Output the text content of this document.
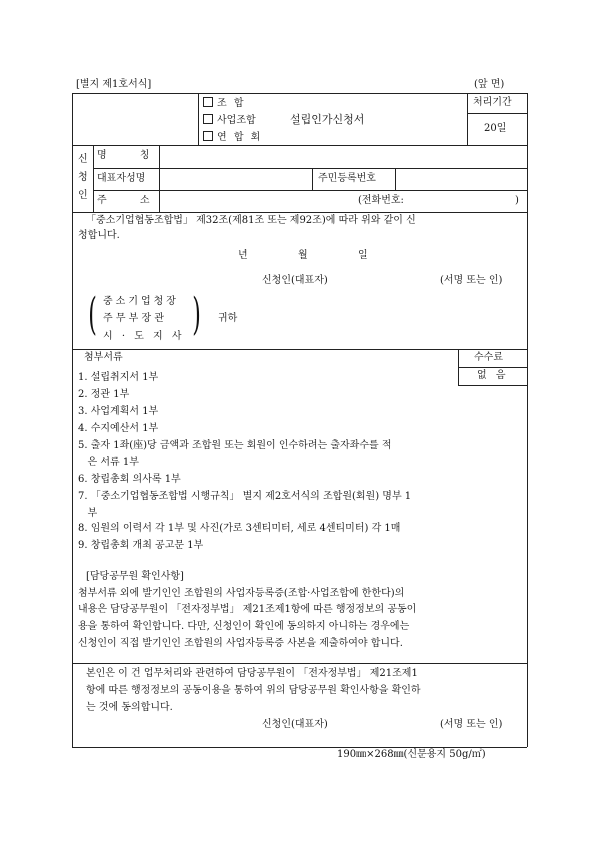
[별지 제1호서식]	(앞 면)
조 합
사업조합
연 합 회
설립인가신청서
처리기간
20일
신
청
인
명 칭
대표자성명	주민등록번호
주 소	(전화번호:	)
「중소기업협동조합법」 제32조(제81조 또는 제92조)에 따라 위와 같이 신
청합니다.
년	월	일
신청인(대표자)	(서명 또는 인)
( 중소기업청장
주 무 부 장 관
시 · 도 지 사 ) 귀하
첨부서류	수수료
없 음
1. 설립취지서 1부
2. 정관 1부
3. 사업계획서 1부
4. 수지예산서 1부
5. 출자 1좌(座)당 금액과 조합원 또는 회원이 인수하려는 출자좌수를 적
은 서류 1부
6. 창립총회 의사록 1부
7. 「중소기업협동조합법 시행규칙」 별지 제2호서식의 조합원(회원) 명부 1
부
8. 임원의 이력서 각 1부 및 사진(가로 3센티미터, 세로 4센티미터) 각 1매
9. 창립총회 개최 공고문 1부
[담당공무원 확인사항]
첨부서류 외에 발기인인 조합원의 사업자등록증(조합·사업조합에 한한다)의
내용은 담당공무원이 「전자정부법」 제21조제1항에 따른 행정정보의 공동이
용을 통하여 확인합니다. 다만, 신청인이 확인에 동의하지 아니하는 경우에는
신청인이 직접 발기인인 조합원의 사업자등록증 사본을 제출하여야 합니다.
본인은 이 건 업무처리와 관련하여 담당공무원이 「전자정부법」 제21조제1
항에 따른 행정정보의 공동이용을 통하여 위의 담당공무원 확인사항을 확인하
는 것에 동의합니다.
신청인(대표자)	(서명 또는 인)
190㎜×268㎜(신문용지 50g/㎡)
